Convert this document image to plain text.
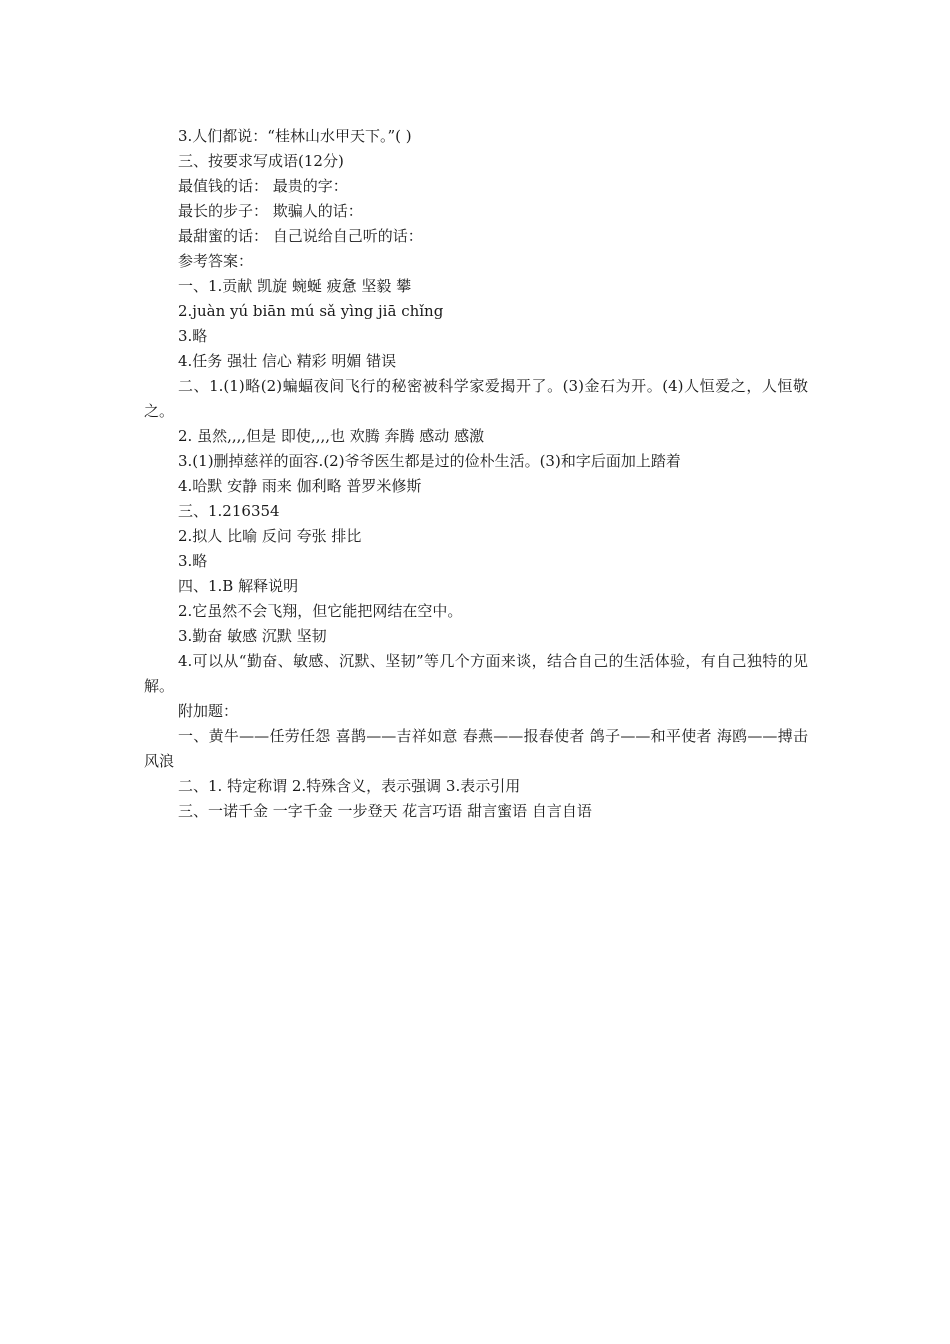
3.人们都说：“桂林山水甲天下。”( )

三、按要求写成语(12分)

最值钱的话： 最贵的字：

最长的步子： 欺骗人的话：

最甜蜜的话： 自己说给自己听的话：

参考答案：

一、1.贡献 凯旋 蜿蜒 疲惫 坚毅 攀

2.juàn yú biān mú sǎ yìng jiā chǐng

3.略

4.任务 强壮 信心 精彩 明媚 错误

二、1.(1)略(2)蝙蝠夜间飞行的秘密被科学家爱揭开了。(3)金石为开。(4)人恒爱之，人恒敬之。

2. 虽然,,,,但是 即使,,,,也 欢腾 奔腾 感动 感激

3.(1)删掉慈祥的面容.(2)爷爷医生都是过的俭朴生活。(3)和字后面加上踏着

4.哈默 安静 雨来 伽利略 普罗米修斯

三、1.216354

2.拟人 比喻 反问 夸张 排比

3.略

四、1.B 解释说明

2.它虽然不会飞翔，但它能把网结在空中。

3.勤奋 敏感 沉默 坚韧

4.可以从“勤奋、敏感、沉默、坚韧”等几个方面来谈，结合自己的生活体验，有自己独特的见解。

附加题：

一、黄牛——任劳任怨 喜鹊——吉祥如意 春燕——报春使者 鸽子——和平使者 海鸥——搏击风浪

二、1. 特定称谓 2.特殊含义，表示强调 3.表示引用

三、一诺千金 一字千金 一步登天 花言巧语 甜言蜜语 自言自语
